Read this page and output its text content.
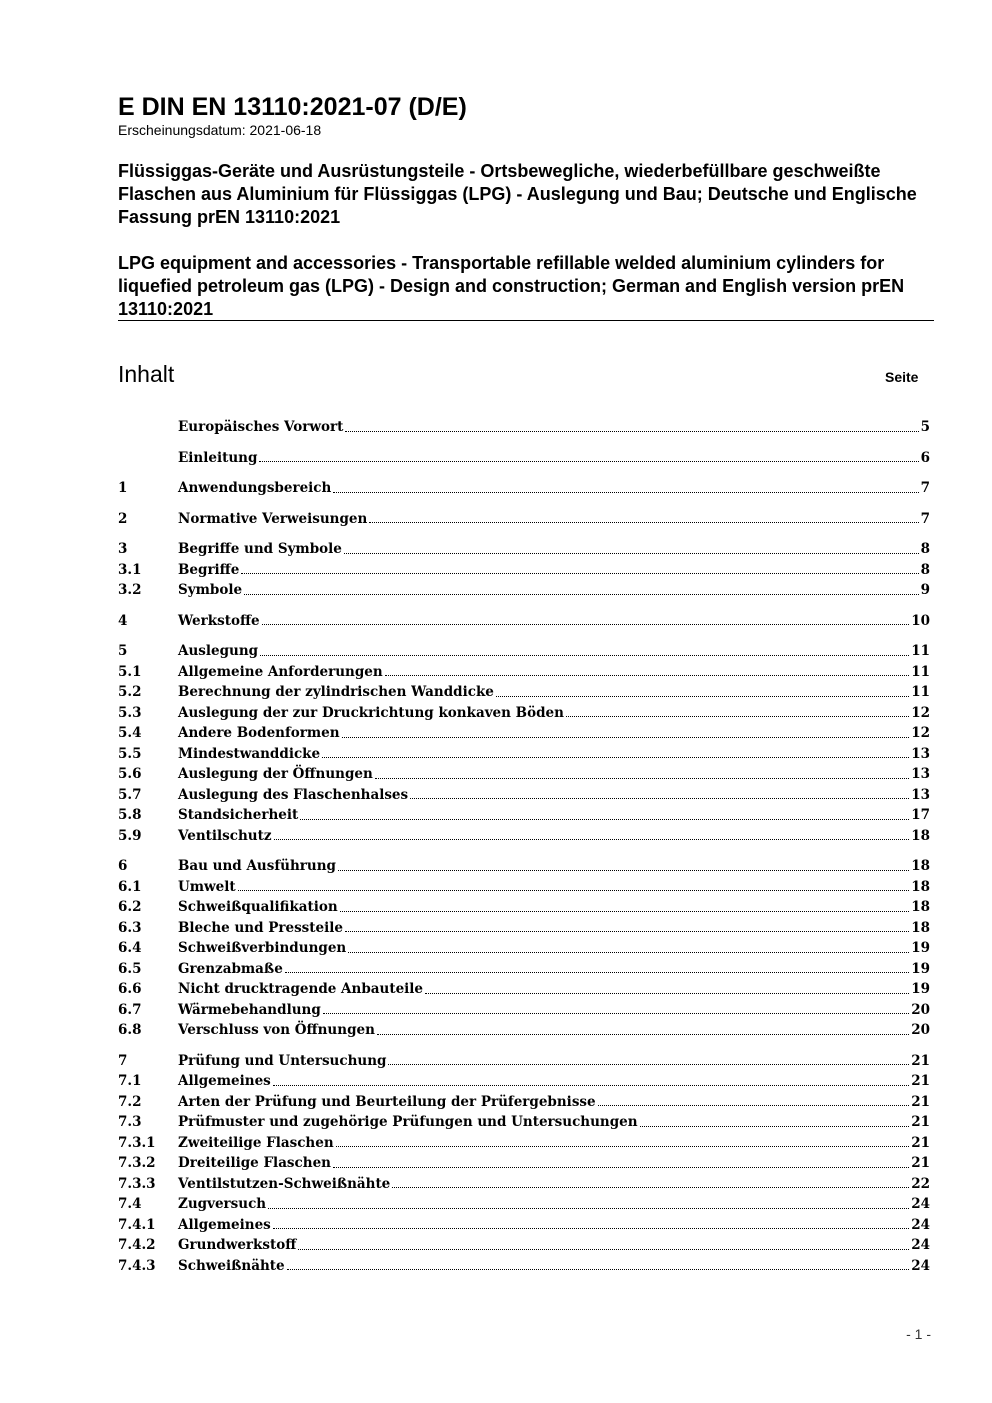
E DIN EN 13110:2021-07 (D/E)

Erscheinungsdatum: 2021-06-18

Flüssiggas-Geräte und Ausrüstungsteile - Ortsbewegliche, wiederbefüllbare geschweißte Flaschen aus Aluminium für Flüssiggas (LPG) - Auslegung und Bau; Deutsche und Englische Fassung prEN 13110:2021

LPG equipment and accessories - Transportable refillable welded aluminium cylinders for liquefied petroleum gas (LPG) - Design and construction; German and English version prEN 13110:2021

Inhalt	Seite

Europäisches Vorwort	5
Einleitung	6
1	Anwendungsbereich	7
2	Normative Verweisungen	7
3	Begriffe und Symbole	8
3.1	Begriffe	8
3.2	Symbole	9
4	Werkstoffe	10
5	Auslegung	11
5.1	Allgemeine Anforderungen	11
5.2	Berechnung der zylindrischen Wanddicke	11
5.3	Auslegung der zur Druckrichtung konkaven Böden	12
5.4	Andere Bodenformen	12
5.5	Mindestwanddicke	13
5.6	Auslegung der Öffnungen	13
5.7	Auslegung des Flaschenhalses	13
5.8	Standsicherheit	17
5.9	Ventilschutz	18
6	Bau und Ausführung	18
6.1	Umwelt	18
6.2	Schweißqualifikation	18
6.3	Bleche und Pressteile	18
6.4	Schweißverbindungen	19
6.5	Grenzabmaße	19
6.6	Nicht drucktragende Anbauteile	19
6.7	Wärmebehandlung	20
6.8	Verschluss von Öffnungen	20
7	Prüfung und Untersuchung	21
7.1	Allgemeines	21
7.2	Arten der Prüfung und Beurteilung der Prüfergebnisse	21
7.3	Prüfmuster und zugehörige Prüfungen und Untersuchungen	21
7.3.1	Zweiteilige Flaschen	21
7.3.2	Dreiteilige Flaschen	21
7.3.3	Ventilstutzen-Schweißnähte	22
7.4	Zugversuch	24
7.4.1	Allgemeines	24
7.4.2	Grundwerkstoff	24
7.4.3	Schweißnähte	24

- 1 -
